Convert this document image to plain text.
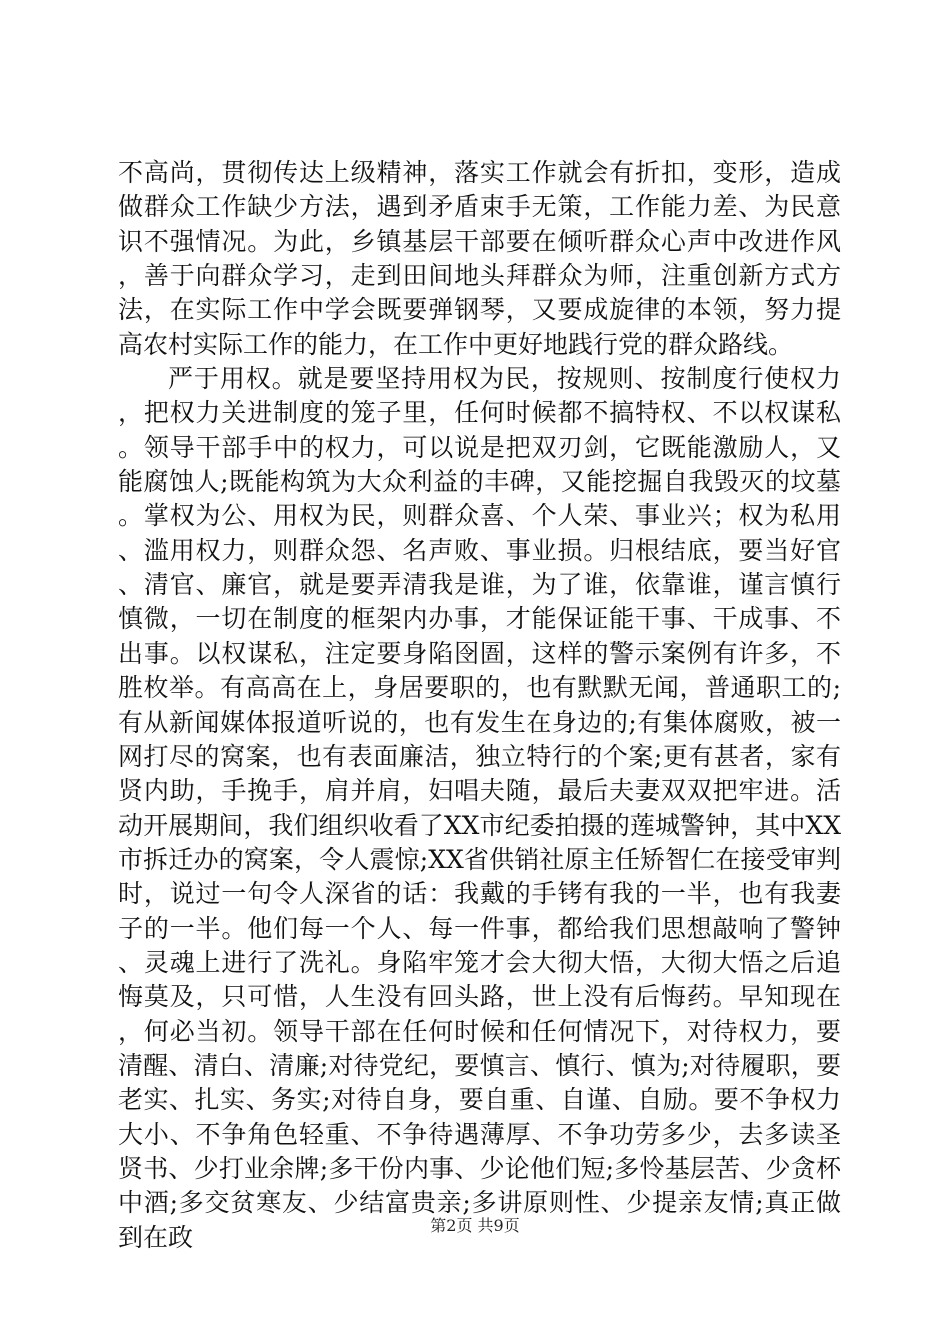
不高尚，贯彻传达上级精神，落实工作就会有折扣，变形，造成做群众工作缺少方法，遇到矛盾束手无策，工作能力差、为民意识不强情况。为此，乡镇基层干部要在倾听群众心声中改进作风，善于向群众学习，走到田间地头拜群众为师，注重创新方式方法，在实际工作中学会既要弹钢琴，又要成旋律的本领，努力提高农村实际工作的能力，在工作中更好地践行党的群众路线。

严于用权。就是要坚持用权为民，按规则、按制度行使权力，把权力关进制度的笼子里，任何时候都不搞特权、不以权谋私。领导干部手中的权力，可以说是把双刃剑，它既能激励人，又能腐蚀人;既能构筑为大众利益的丰碑，又能挖掘自我毁灭的坟墓。掌权为公、用权为民，则群众喜、个人荣、事业兴；权为私用、滥用权力，则群众怨、名声败、事业损。归根结底，要当好官、清官、廉官，就是要弄清我是谁，为了谁，依靠谁，谨言慎行慎微，一切在制度的框架内办事，才能保证能干事、干成事、不出事。以权谋私，注定要身陷囹圄，这样的警示案例有许多，不胜枚举。有高高在上，身居要职的，也有默默无闻，普通职工的;有从新闻媒体报道听说的，也有发生在身边的;有集体腐败，被一网打尽的窝案，也有表面廉洁，独立特行的个案;更有甚者，家有贤内助，手挽手，肩并肩，妇唱夫随，最后夫妻双双把牢进。活动开展期间，我们组织收看了XX市纪委拍摄的莲城警钟，其中XX市拆迁办的窝案，令人震惊;XX省供销社原主任矫智仁在接受审判时，说过一句令人深省的话：我戴的手铐有我的一半，也有我妻子的一半。他们每一个人、每一件事，都给我们思想敲响了警钟、灵魂上进行了洗礼。身陷牢笼才会大彻大悟，大彻大悟之后追悔莫及，只可惜，人生没有回头路，世上没有后悔药。早知现在，何必当初。领导干部在任何时候和任何情况下，对待权力，要清醒、清白、清廉;对待党纪，要慎言、慎行、慎为;对待履职，要老实、扎实、务实;对待自身，要自重、自谨、自励。要不争权力大小、不争角色轻重、不争待遇薄厚、不争功劳多少，去多读圣贤书、少打业余牌;多干份内事、少论他们短;多怜基层苦、少贪杯中酒;多交贫寒友、少结富贵亲;多讲原则性、少提亲友情;真正做到在政	第2页 共9页
